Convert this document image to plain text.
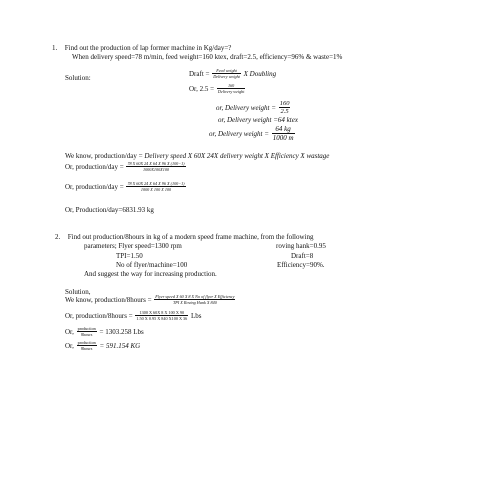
1. Find out the production of lap former machine in Kg/day=?
When delivery speed=78 m/min, feed weight=160 ktex, draft=2.5, efficiency=96% & waste=1%
Solution:
Draft = $\frac{\text{Feed weight}}{\text{Delivery weight}}$ X Doubling
Or, $2.5 = \frac{160}{\text{Delivery weight}}$
or, Delivery weight = $\frac{160}{2.5}$
or, Delivery weight =64 ktex
or, Delivery weight = $\frac{64 kg}{1000 m}$
We know, production/day = Delivery speed X 60X 24X delivery weight X Efficiency X wastage
Or, production/day = $\frac{78 X 60X 24 X 64 X 96 X (100-1)}{1000X100X100}$
Or, production/day = $\frac{78 X 60X 24 X 64 X 96 X (100-1)}{1000 X 100 X 100}$
Or, Production/day=6831.93 kg
2. Find out production/8hours in kg of a modern speed frame machine, from the following
parameters; Flyer speed=1300 rpm	roving hank=0.95
TPI=1.50	Draft=8
No of flyer/machine=100	Efficiency=90%.
And suggest the way for increasing production.
Solution,
We know, production/8hours = $\frac{\text{Flyer speed X 60 X 8 X No of flyer X Efficiency}}{\text{TPI X Roving Hank X 840}}$
Or, production/8hours = $\frac{1300 X 60X 8 X 100 X 90}{1.50 X 0.95 X 840 X100 X 36}$ Lbs
Or, $\frac{\text{production}}{\text{8hours}} = 1303.258$ Lbs
Or, $\frac{\text{production}}{\text{8hours}} = 591.154$ KG
